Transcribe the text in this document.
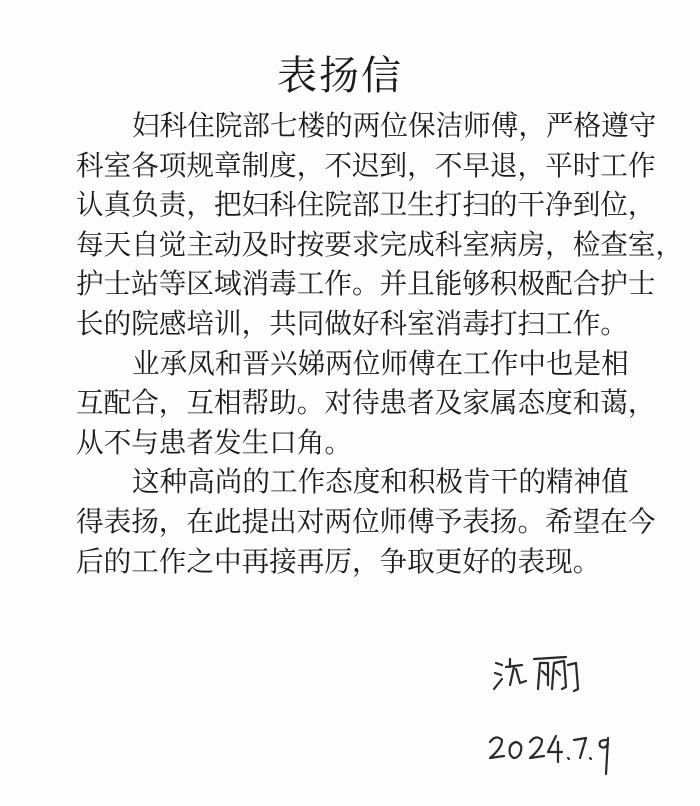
表扬信
妇科住院部七楼的两位保洁师傅，严格遵守
科室各项规章制度，不迟到，不早退，平时工作
认真负责，把妇科住院部卫生打扫的干净到位，
每天自觉主动及时按要求完成科室病房，检查室，
护士站等区域消毒工作。并且能够积极配合护士
长的院感培训，共同做好科室消毒打扫工作。
业承凤和晋兴娣两位师傅在工作中也是相
互配合，互相帮助。对待患者及家属态度和蔼，
从不与患者发生口角。
这种高尚的工作态度和积极肯干的精神值
得表扬，在此提出对两位师傅予表扬。希望在今
后的工作之中再接再厉，争取更好的表现。
